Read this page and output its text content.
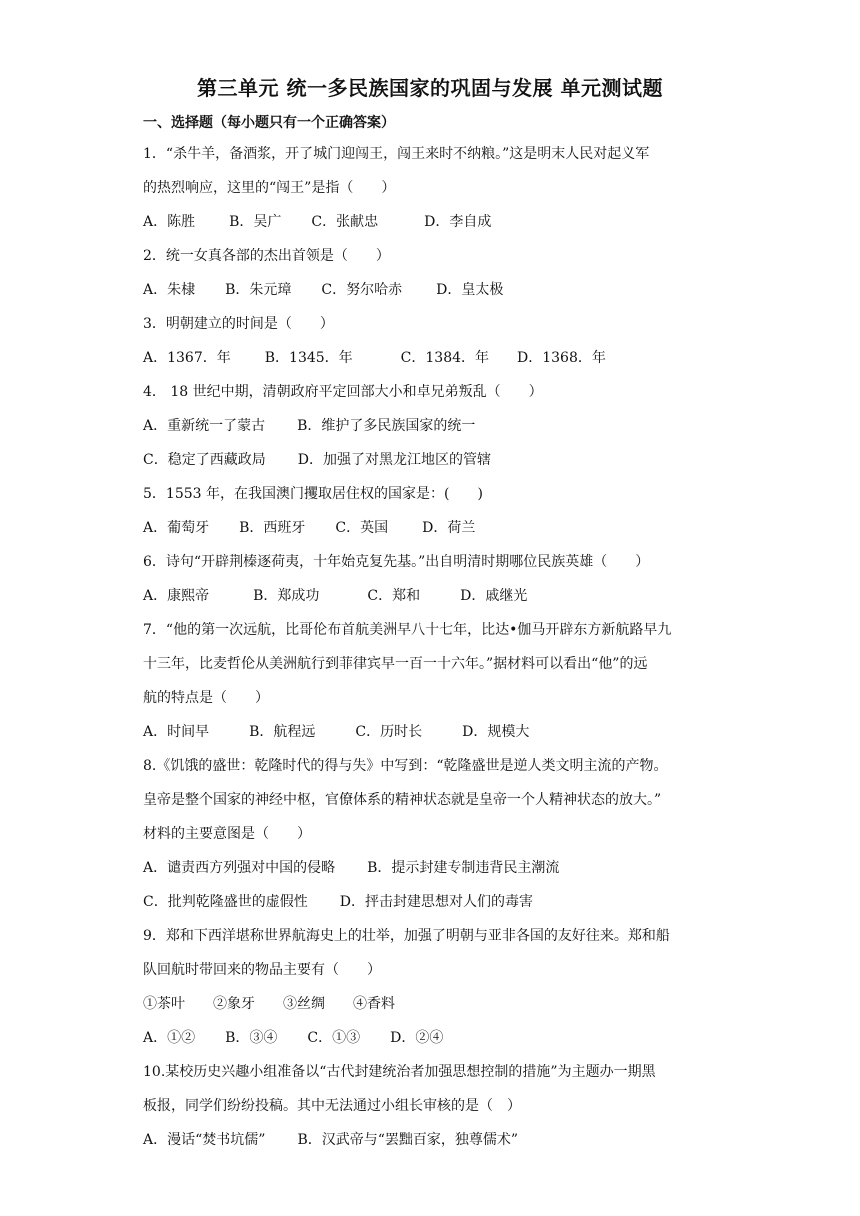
第三单元 统一多民族国家的巩固与发展 单元测试题
一、选择题（每小题只有一个正确答案）
1．“杀牛羊，备酒浆，开了城门迎闯王，闯王来时不纳粮。”这是明末人民对起义军
的热烈响应，这里的“闯王”是指（　　）
A．陈胜 B．吴广 C．张献忠	D．李自成
2．统一女真各部的杰出首领是（　　）
A．朱棣 B．朱元璋 C．努尔哈赤 D．皇太极
3．明朝建立的时间是（　　）
A．1367．年 B．1345．年	C．1384．年 D．1368．年
4． 18 世纪中期，清朝政府平定回部大小和卓兄弟叛乱（　　）
A．重新统一了蒙古 B．维护了多民族国家的统一
C．稳定了西藏政局 D．加强了对黑龙江地区的管辖
5．1553 年，在我国澳门攫取居住权的国家是：(　　)
A．葡萄牙 B．西班牙 C．英国 D．荷兰
6．诗句“开辟荆榛逐荷夷，十年始克复先基。”出自明清时期哪位民族英雄（　　）
A．康熙帝	B．郑成功	C．郑和	D．戚继光
7．“他的第一次远航，比哥伦布首航美洲早八十七年，比达•伽马开辟东方新航路早九
十三年，比麦哲伦从美洲航行到菲律宾早一百一十六年。”据材料可以看出“他”的远
航的特点是（　　）
A．时间早	B．航程远	C．历时长	D．规模大
8.《饥饿的盛世：乾隆时代的得与失》中写到：“乾隆盛世是逆人类文明主流的产物。
皇帝是整个国家的神经中枢，官僚体系的精神状态就是皇帝一个人精神状态的放大。”
材料的主要意图是（　　）
A．谴责西方列强对中国的侵略 B．提示封建专制违背民主潮流
C．批判乾隆盛世的虚假性 D．抨击封建思想对人们的毒害
9．郑和下西洋堪称世界航海史上的壮举，加强了明朝与亚非各国的友好往来。郑和船
队回航时带回来的物品主要有（　　）
①茶叶　　②象牙　　③丝绸　　④香料
A．①② B．③④ C．①③ D．②④
10.某校历史兴趣小组准备以“古代封建统治者加强思想控制的措施”为主题办一期黑
板报，同学们纷纷投稿。其中无法通过小组长审核的是（　）
A．漫话“焚书坑儒” B．汉武帝与“罢黜百家，独尊儒术”
